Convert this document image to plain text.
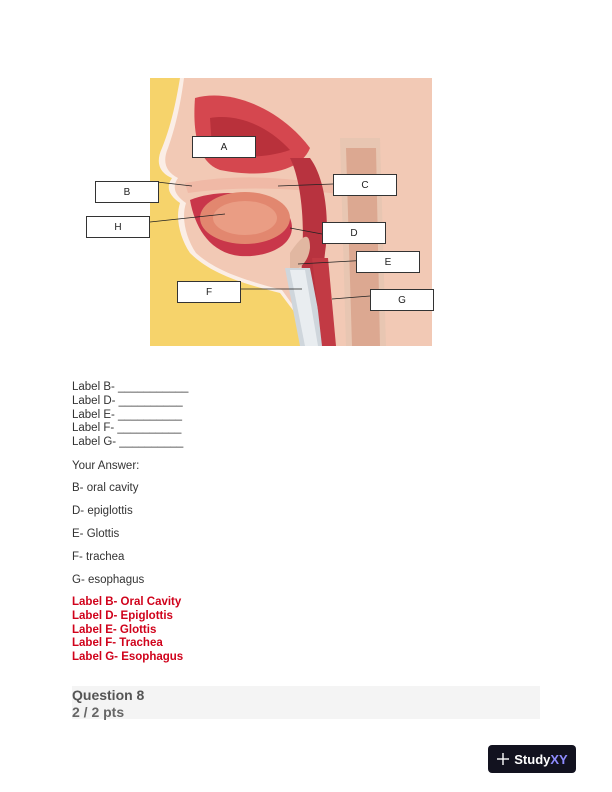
A
B
C
H
D
E
F
G
Label B- ___________
Label D- __________
Label E- __________
Label F- __________
Label G- __________
Your Answer:
B- oral cavity
D- epiglottis
E- Glottis
F- trachea
G- esophagus
Label B- Oral Cavity
Label D- Epiglottis
Label E- Glottis
Label F- Trachea
Label G- Esophagus
Question 8
2 / 2 pts
StudyXY
